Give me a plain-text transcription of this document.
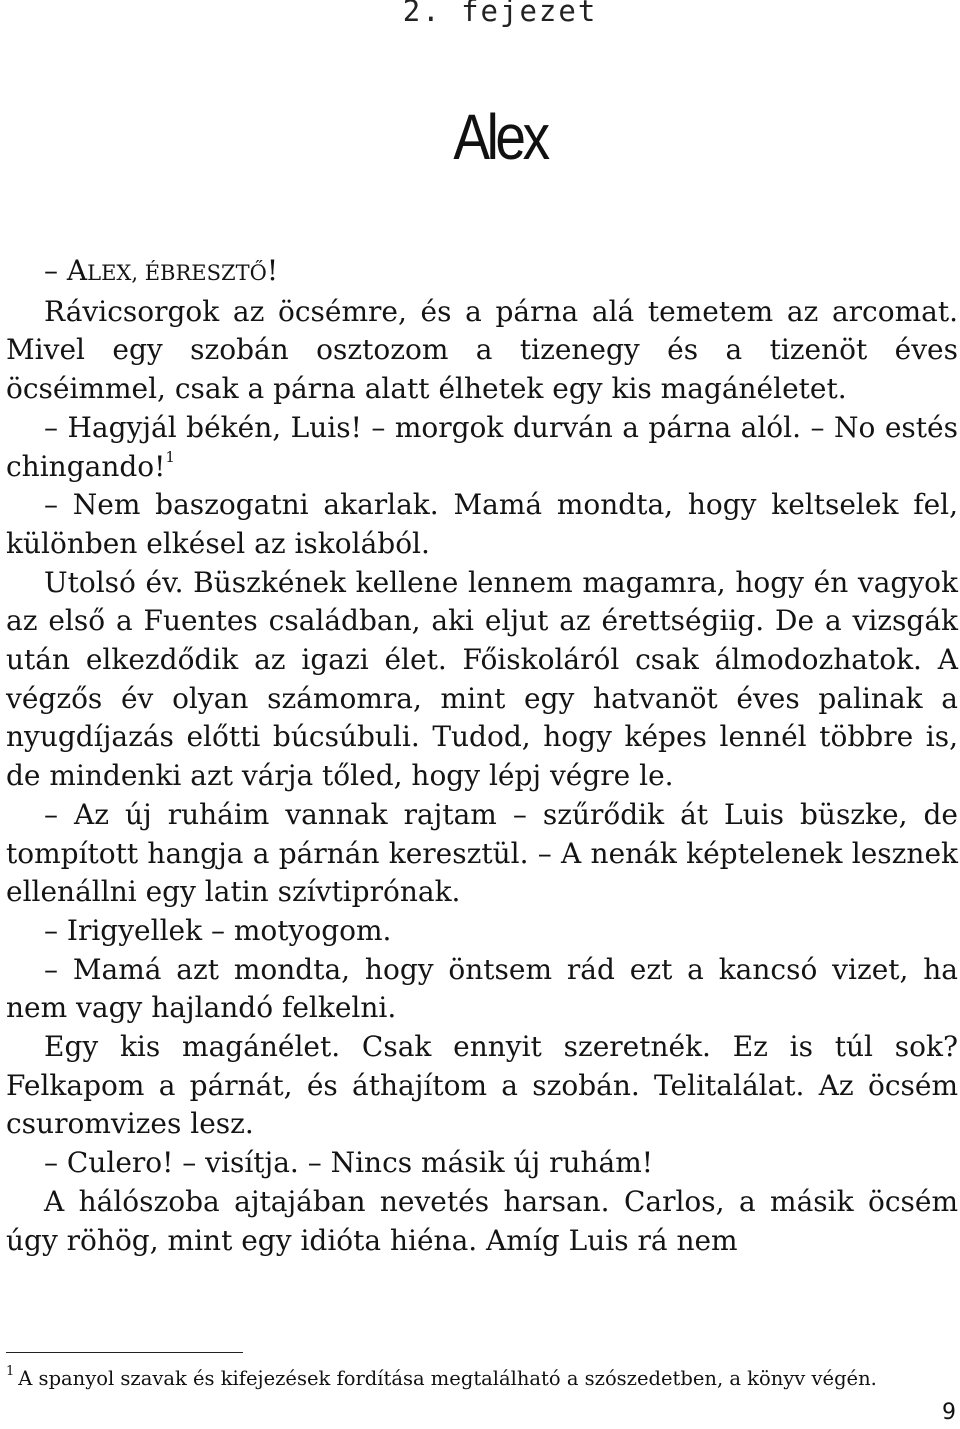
2. fejezet
Alex

– ALEX, ÉBRESZTŐ!

Rávicsorgok az öcsémre, és a párna alá temetem az arcomat. Mivel egy szobán osztozom a tizenegy és a tizenöt éves öcséimmel, csak a párna alatt élhetek egy kis magánéletet.

– Hagyjál békén, Luis! – morgok durván a párna alól. – No estés chingando!$^1$

– Nem baszogatni akarlak. Mamá mondta, hogy keltselek fel, különben elkésel az iskolából.

Utolsó év. Büszkének kellene lennem magamra, hogy én vagyok az első a Fuentes családban, aki eljut az érettségiig. De a vizsgák után elkezdődik az igazi élet. Főiskoláról csak álmodozhatok. A végzős év olyan számomra, mint egy hatvanöt éves palinak a nyugdíjazás előtti búcsúbuli. Tudod, hogy képes lennél többre is, de mindenki azt várja tőled, hogy lépj végre le.

– Az új ruháim vannak rajtam – szűrődik át Luis büszke, de tompított hangja a párnán keresztül. – A nenák képtelenek lesznek ellenállni egy latin szívtiprónak.

– Irigyellek – motyogom.

– Mamá azt mondta, hogy öntsem rád ezt a kancsó vizet, ha nem vagy hajlandó felkelni.

Egy kis magánélet. Csak ennyit szeretnék. Ez is túl sok? Felkapom a párnát, és áthajítom a szobán. Telitalálat. Az öcsém csuromvizes lesz.

– Culero! – visítja. – Nincs másik új ruhám!

A hálószoba ajtajában nevetés harsan. Carlos, a másik öcsém úgy röhög, mint egy idióta hiéna. Amíg Luis rá nem

$^1$ A spanyol szavak és kifejezések fordítása megtalálható a szószedetben, a könyv végén.
9
